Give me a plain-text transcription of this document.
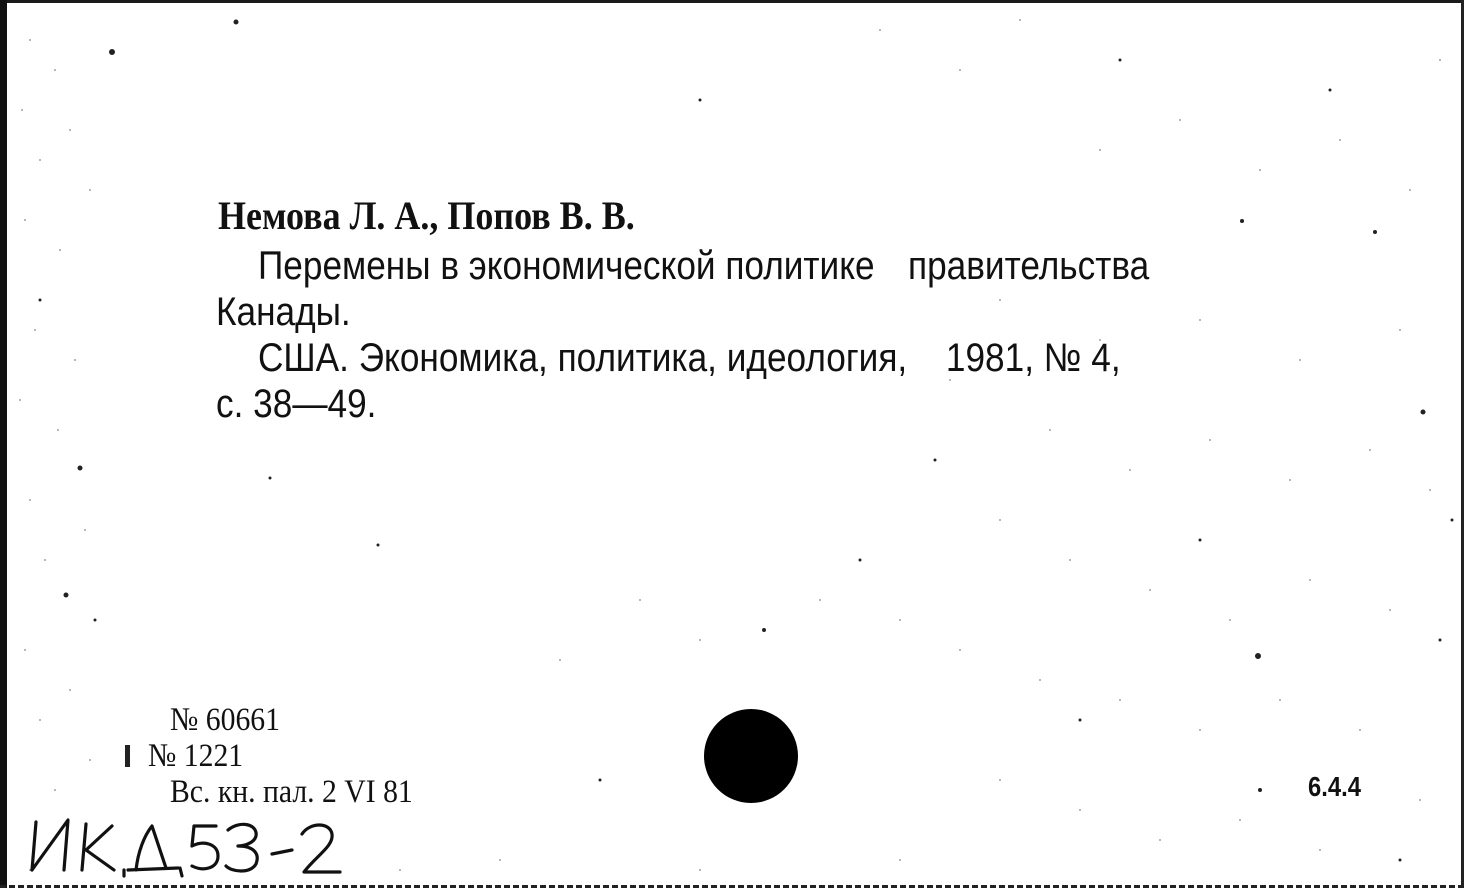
Немова Л. А., Попов В. В.
Перемены в экономической политике правительства
Канады.
США. Экономика, политика, идеология, 1981, № 4,
с. 38—49.
№ 60661
№ 1221
Вс. кн. пал. 2 VI 81	6.4.4
